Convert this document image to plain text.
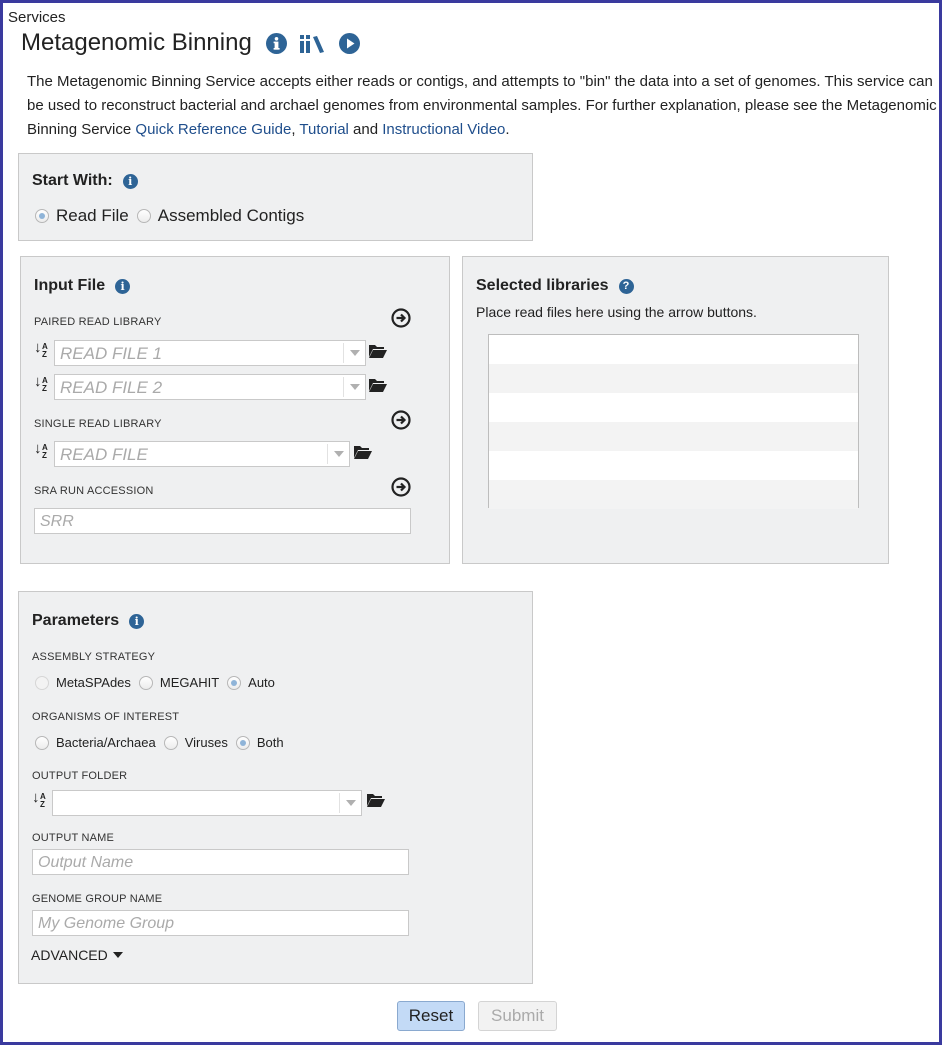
Services
Metagenomic Binning
The Metagenomic Binning Service accepts either reads or contigs, and attempts to "bin" the data into a set of genomes. This service can be used to reconstruct bacterial and archael genomes from environmental samples. For further explanation, please see the Metagenomic Binning Service Quick Reference Guide, Tutorial and Instructional Video.
Start With:	i
Read File Assembled Contigs
Input File	i
PAIRED READ LIBRARY
↓ A
Z READ FILE 1
↓ A
Z READ FILE 2
SINGLE READ LIBRARY
↓ A
Z READ FILE
SRA RUN ACCESSION
SRR
Selected libraries	?
Place read files here using the arrow buttons.
Parameters	i
ASSEMBLY STRATEGY
MetaSPAdes MEGAHIT Auto
ORGANISMS OF INTEREST
Bacteria/Archaea Viruses Both
OUTPUT FOLDER
↓ A
Z
OUTPUT NAME
Output Name
GENOME GROUP NAME
My Genome Group
ADVANCED
Reset	Submit
